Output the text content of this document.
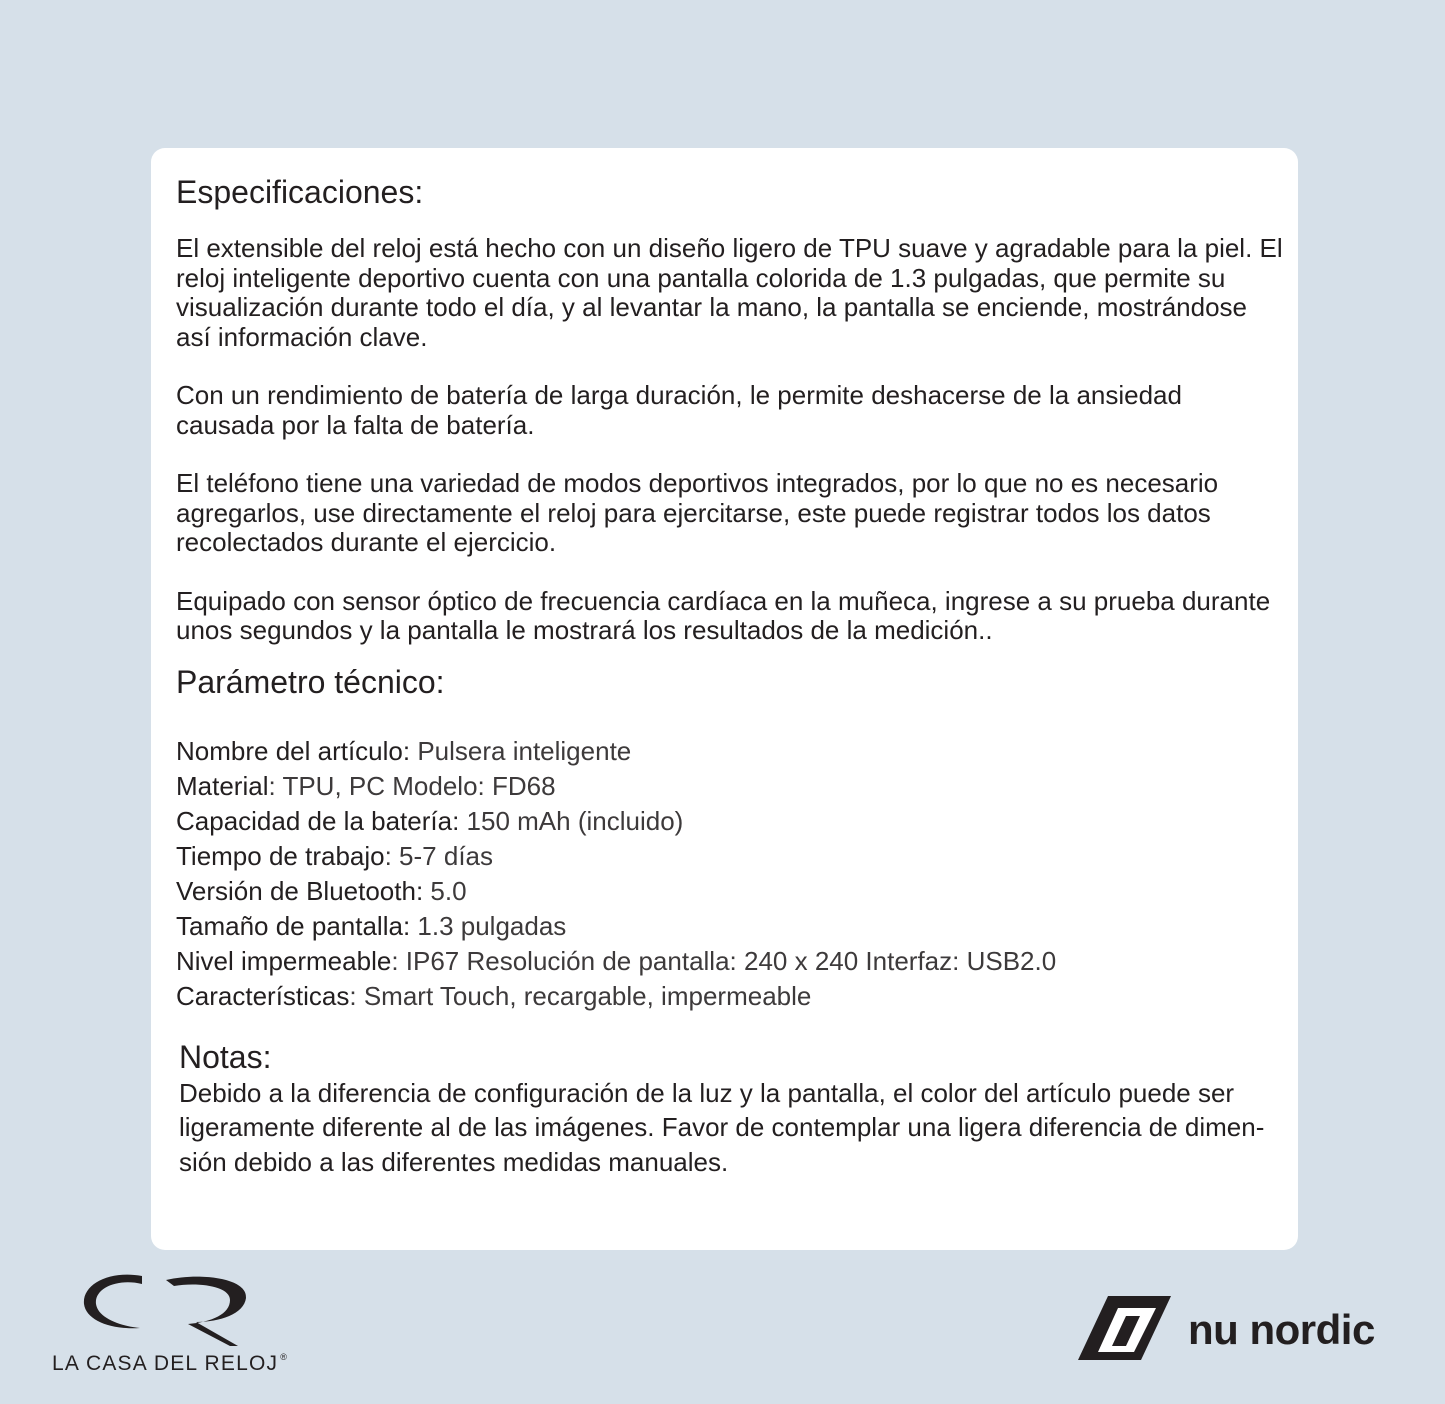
Especificaciones:

El extensible del reloj está hecho con un diseño ligero de TPU suave y agradable para la piel. El reloj inteligente deportivo cuenta con una pantalla colorida de 1.3 pulgadas, que permite su visualización durante todo el día, y al levantar la mano, la pantalla se enciende, mostrándose así información clave.

Con un rendimiento de batería de larga duración, le permite deshacerse de la ansiedad causada por la falta de batería.

El teléfono tiene una variedad de modos deportivos integrados, por lo que no es necesario agregarlos, use directamente el reloj para ejercitarse, este puede registrar todos los datos recolectados durante el ejercicio.

Equipado con sensor óptico de frecuencia cardíaca en la muñeca, ingrese a su prueba durante unos segundos y la pantalla le mostrará los resultados de la medición..

Parámetro técnico:
Nombre del artículo: Pulsera inteligente
Material: TPU, PC Modelo: FD68
Capacidad de la batería: 150 mAh (incluido)
Tiempo de trabajo: 5-7 días
Versión de Bluetooth: 5.0
Tamaño de pantalla: 1.3 pulgadas
Nivel impermeable: IP67 Resolución de pantalla: 240 x 240 Interfaz: USB2.0
Características: Smart Touch, recargable, impermeable
Notas:

Debido a la diferencia de configuración de la luz y la pantalla, el color del artículo puede ser ligeramente diferente al de las imágenes. Favor de contemplar una ligera diferencia de dimen- sión debido a las diferentes medidas manuales.

LA CASA DEL RELOJ ®
nu nordic
